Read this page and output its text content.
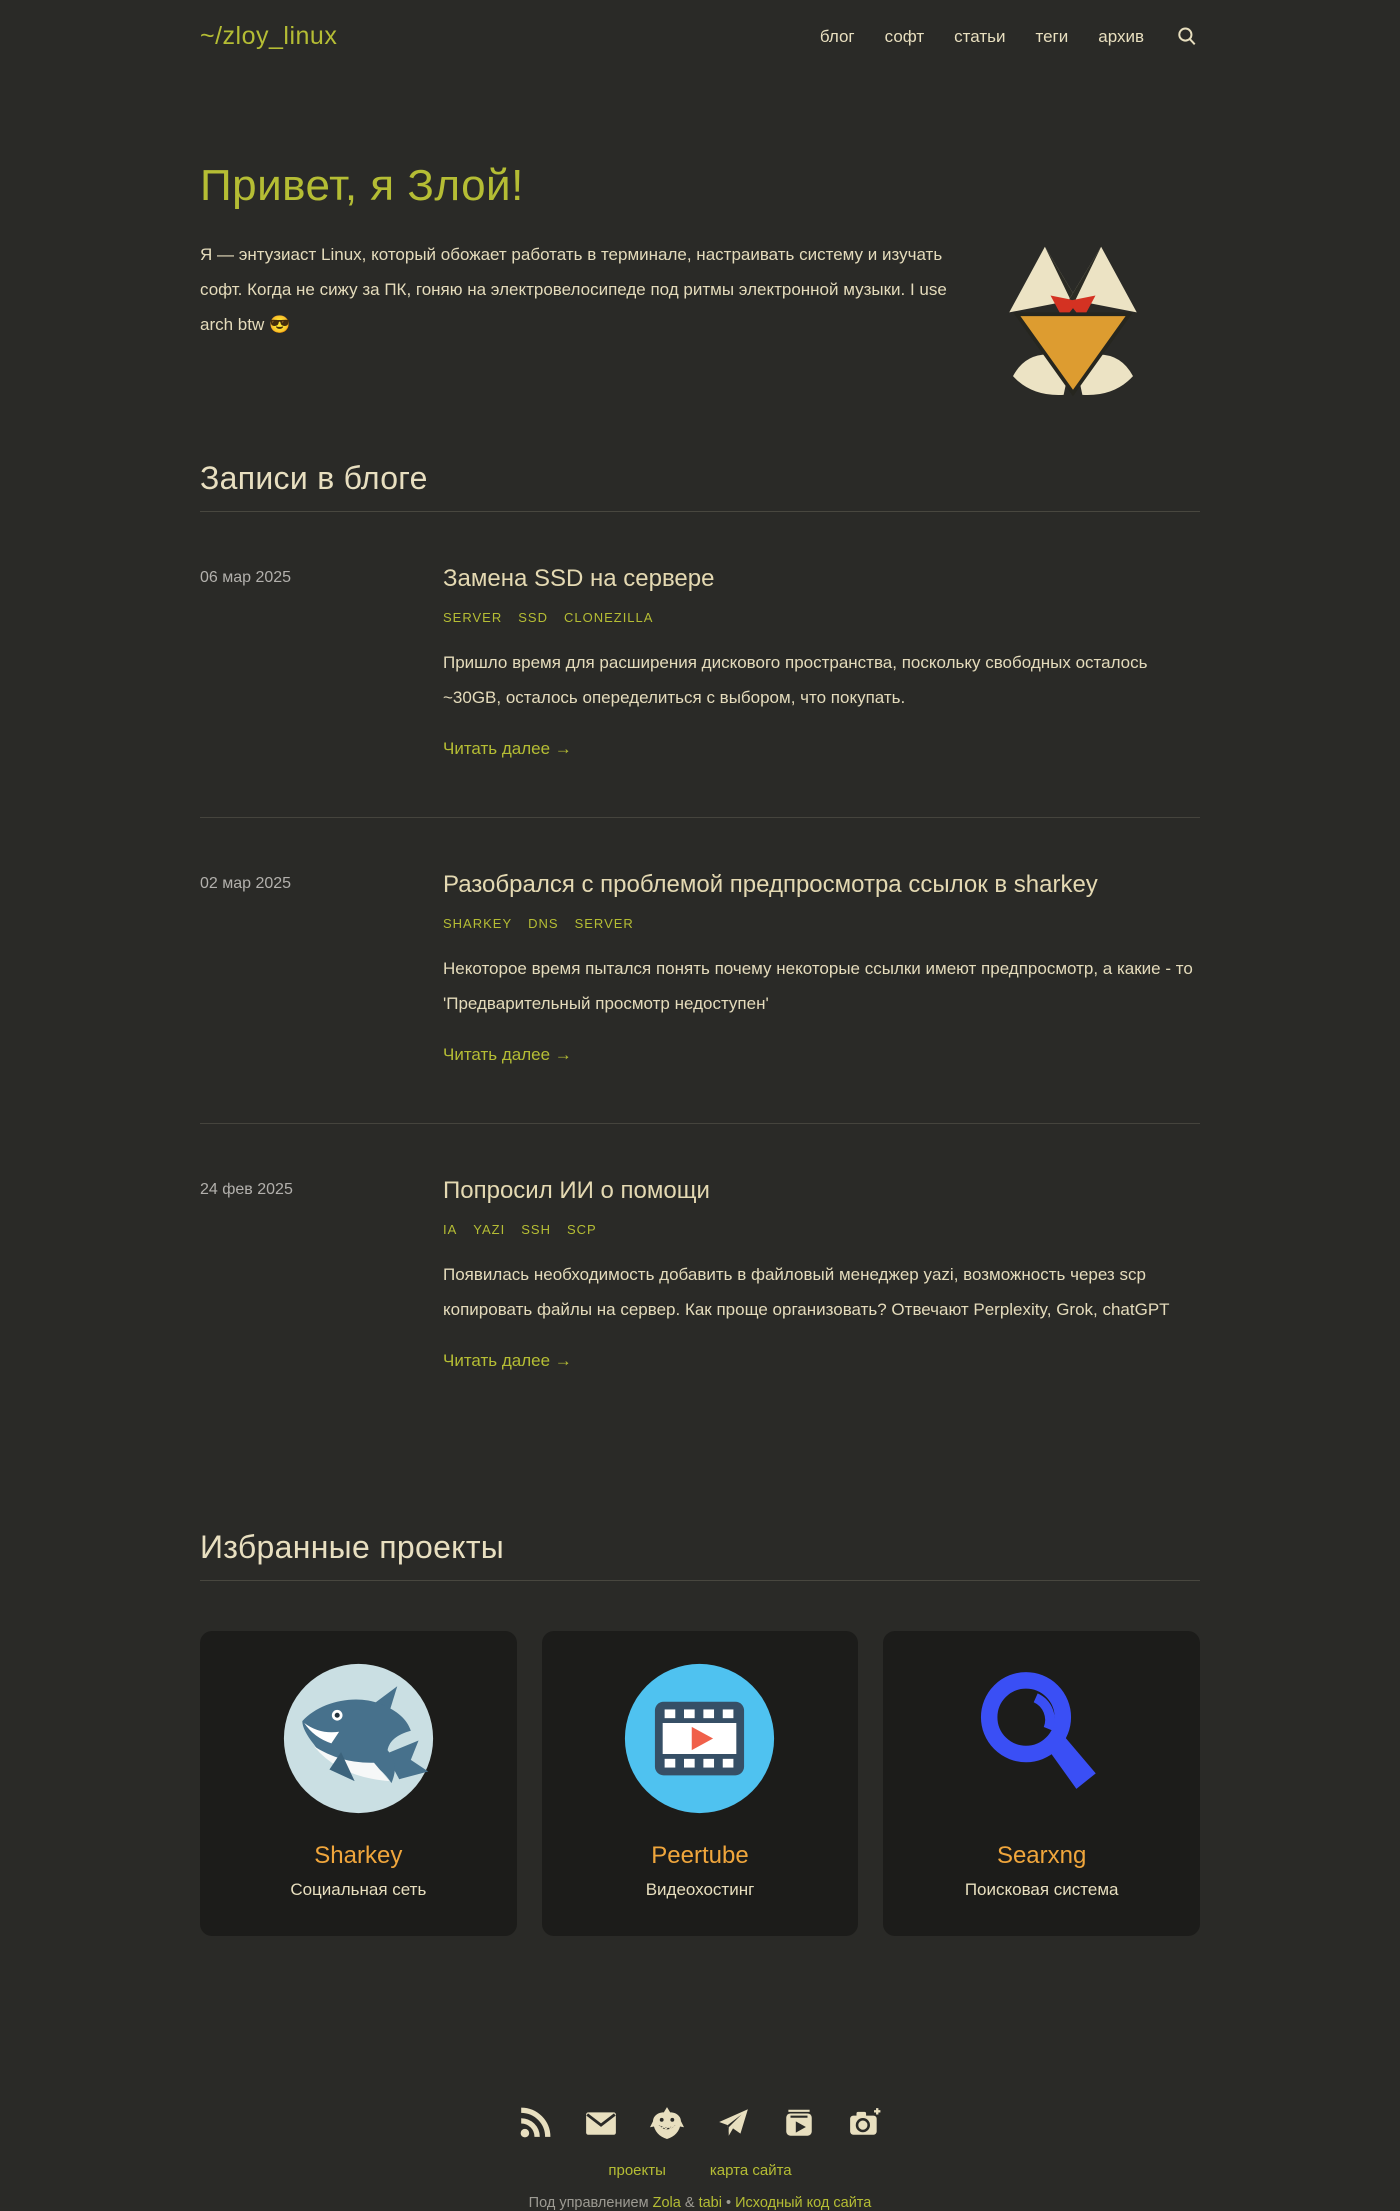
~/zloy_linux	блог софт статьи теги архив
Привет, я Злой!

Я — энтузиаст Linux, который обожает работать в терминале, настраивать систему и изучать софт. Когда не сижу за ПК, гоняю на электровелосипеде под ритмы электронной музыки. I use arch btw 😎

Записи в блоге
06 мар 2025	Замена SSD на сервере
SERVER SSD CLONEZILLA

Пришло время для расширения дискового пространства, поскольку свободных осталось ~30GB, осталось опеределиться с выбором, что покупать.

Читать далее →
02 мар 2025	Разобрался с проблемой предпросмотра ссылок в sharkey
SHARKEY DNS SERVER

Некоторое время пытался понять почему некоторые ссылки имеют предпросмотр, а какие - то 'Предварительный просмотр недоступен'

Читать далее →
24 фев 2025	Попросил ИИ о помощи
IA YAZI SSH SCP

Появилась необходимость добавить в файловый менеджер yazi, возможность через scp копировать файлы на сервер. Как проще организовать? Отвечают Perplexity, Grok, chatGPT

Читать далее →
Избранные проекты
Sharkey
Социальная сеть
Peertube
Видеохостинг
Searxng
Поисковая система
проекты	карта сайта
Под управлением Zola & tabi • Исходный код сайта
